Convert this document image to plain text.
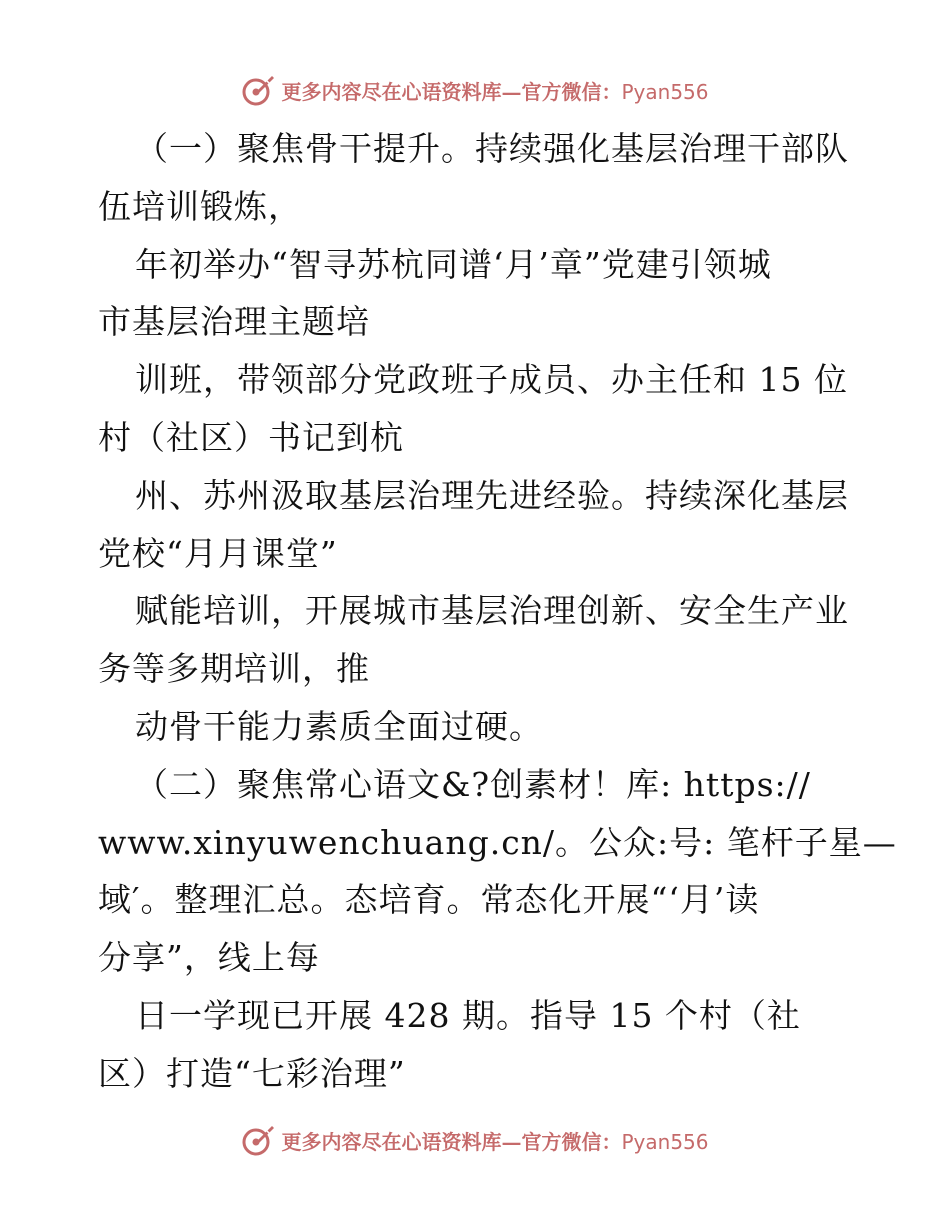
更多内容尽在心语资料库—官方微信：Pyan556
（一）聚焦骨干提升。持续强化基层治理干部队
伍培训锻炼，
年初举办“智寻苏杭同谱‘月’章”党建引领城
市基层治理主题培
训班，带领部分党政班子成员、办主任和 15 位
村（社区）书记到杭
州、苏州汲取基层治理先进经验。持续深化基层
党校“月月课堂”
赋能培训，开展城市基层治理创新、安全生产业
务等多期培训，推
动骨干能力素质全面过硬。
（二）聚焦常心语文&?创素材！库: https://
www.xinyuwenchuang.cn/。公众:号: 笔杆子星—
域′。整理汇总。态培育。常态化开展“‘月’读
分享”，线上每
日一学现已开展 428 期。指导 15 个村（社
区）打造“七彩治理”
更多内容尽在心语资料库—官方微信：Pyan556
